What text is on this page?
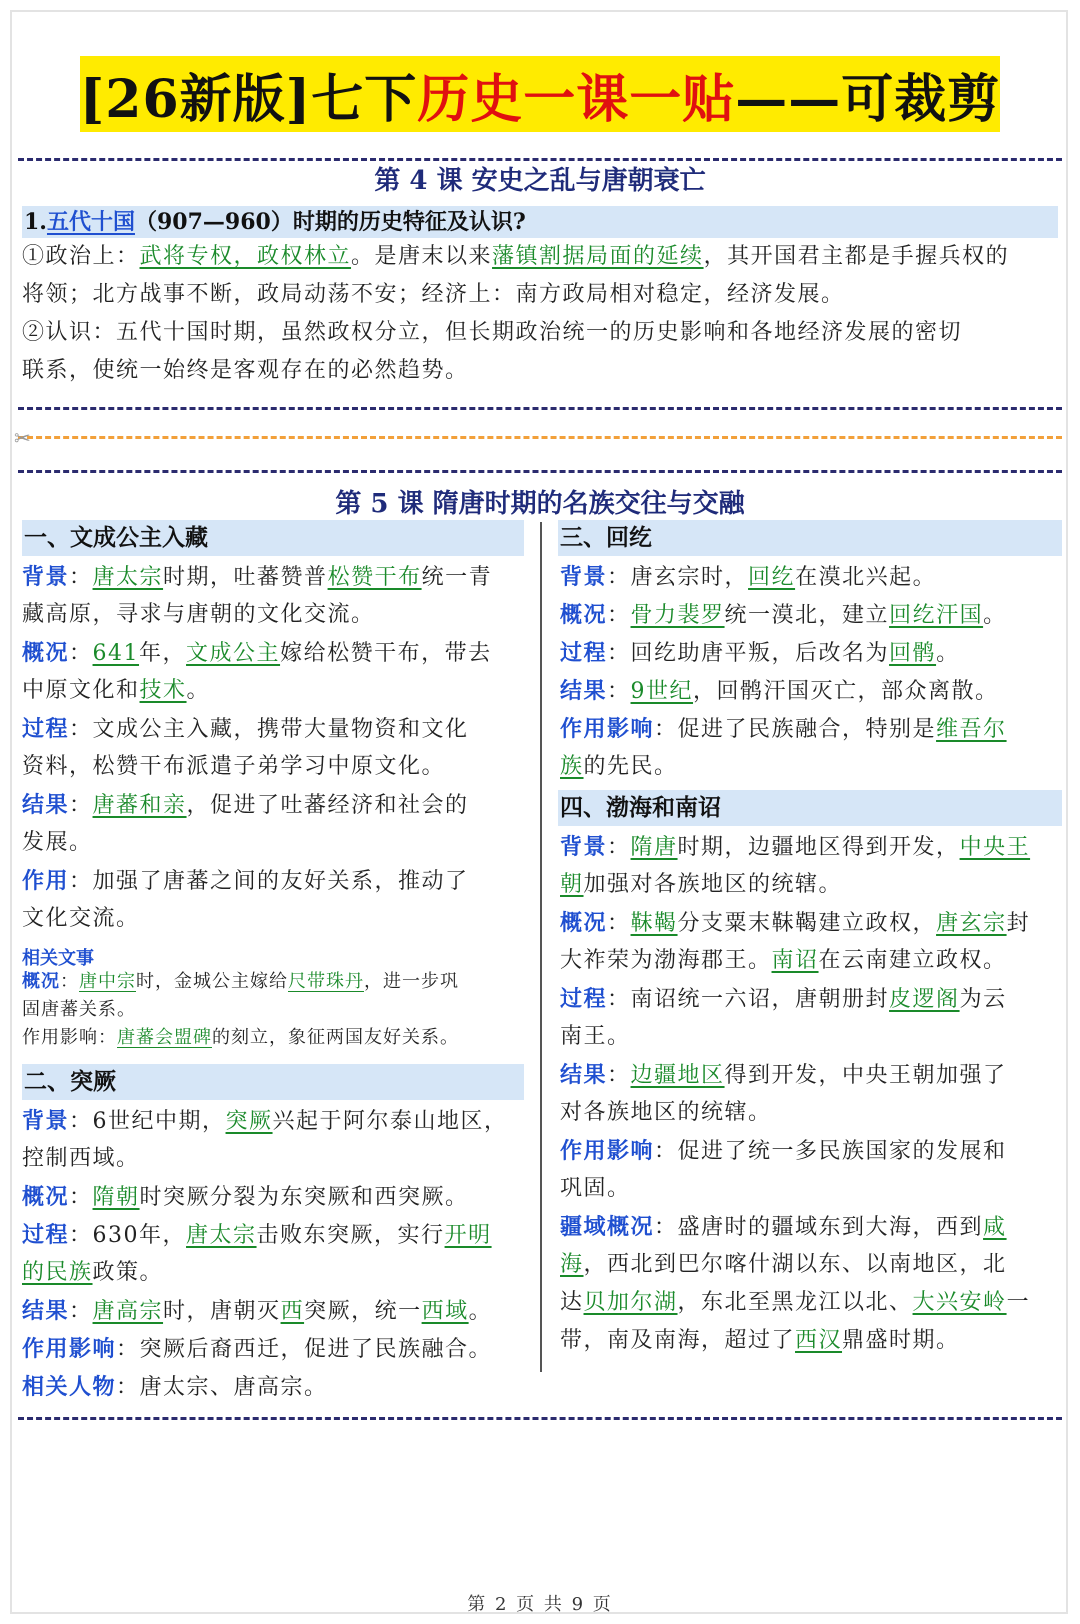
[26新版]七下 历史一课一贴 ——可裁剪
第 4 课 安史之乱与唐朝衰亡
1.五代十国（907—960）时期的历史特征及认识?
①政治上：武将专权，政权林立。是唐末以来藩镇割据局面的延续，其开国君主都是手握兵权的
将领；北方战事不断，政局动荡不安；经济上：南方政局相对稳定，经济发展。
②认识：五代十国时期，虽然政权分立，但长期政治统一的历史影响和各地经济发展的密切
联系，使统一始终是客观存在的必然趋势。
✂
第 5 课 隋唐时期的名族交往与交融
一、文成公主入藏
背景：唐太宗时期，吐蕃赞普松赞干布统一青
藏高原，寻求与唐朝的文化交流。
概况：641年，文成公主嫁给松赞干布，带去
中原文化和技术。
过程：文成公主入藏，携带大量物资和文化
资料，松赞干布派遣子弟学习中原文化。
结果：唐蕃和亲，促进了吐蕃经济和社会的
发展。
作用：加强了唐蕃之间的友好关系，推动了
文化交流。
相关文事
概况：唐中宗时，金城公主嫁给尺带珠丹，进一步巩
固唐蕃关系。
作用影响：唐蕃会盟碑的刻立，象征两国友好关系。
二、突厥
背景：6世纪中期，突厥兴起于阿尔泰山地区，
控制西域。
概况：隋朝时突厥分裂为东突厥和西突厥。
过程：630年，唐太宗击败东突厥，实行开明
的民族政策。
结果：唐高宗时，唐朝灭西突厥，统一西域。
作用影响：突厥后裔西迁，促进了民族融合。
相关人物：唐太宗、唐高宗。
三、回纥
背景：唐玄宗时，回纥在漠北兴起。
概况：骨力裴罗统一漠北，建立回纥汗国。
过程：回纥助唐平叛，后改名为回鹘。
结果：9世纪，回鹘汗国灭亡，部众离散。
作用影响：促进了民族融合，特别是维吾尔
族的先民。
四、渤海和南诏
背景：隋唐时期，边疆地区得到开发，中央王
朝加强对各族地区的统辖。
概况：靺鞨分支粟末靺鞨建立政权，唐玄宗封
大祚荣为渤海郡王。南诏在云南建立政权。
过程：南诏统一六诏，唐朝册封皮逻阁为云
南王。
结果：边疆地区得到开发，中央王朝加强了
对各族地区的统辖。
作用影响：促进了统一多民族国家的发展和
巩固。
疆域概况：盛唐时的疆域东到大海，西到咸
海，西北到巴尔喀什湖以东、以南地区，北
达贝加尔湖，东北至黑龙江以北、大兴安岭一
带，南及南海，超过了西汉鼎盛时期。
第 2 页 共 9 页
